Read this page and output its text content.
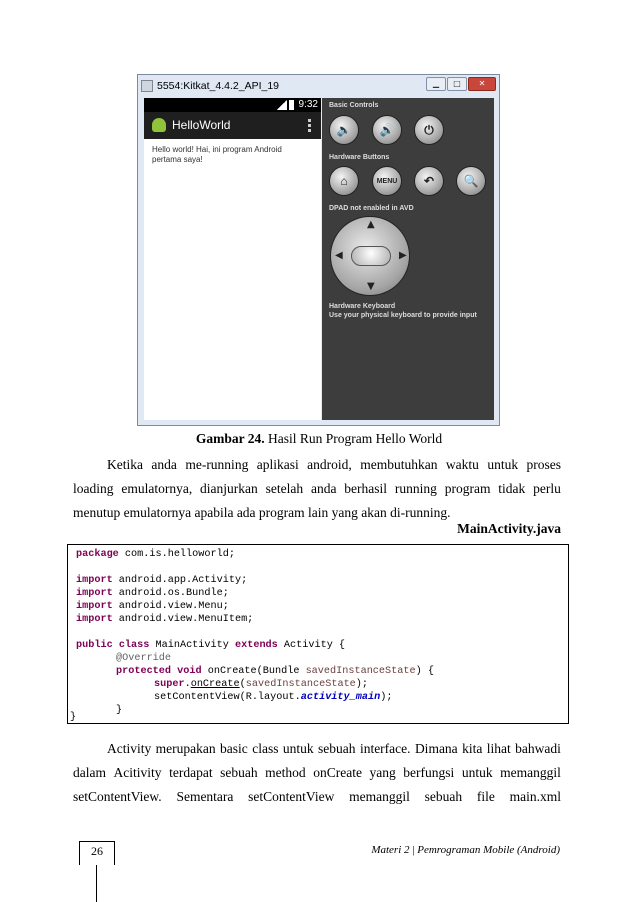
5554:Kitkat_4.4.2_API_19	▁	□	✕
9:32
HelloWorld
Hello world! Hai, ini program Android pertama saya!
Basic Controls
🔈	🔊	⏻
Hardware Buttons
⌂	MENU	↶	🔍
DPAD not enabled in AVD
▲
▼
◀	▶
Hardware Keyboard
Use your physical keyboard to provide input
Gambar 24. Hasil Run Program Hello World
Ketika anda me-running aplikasi android, membutuhkan waktu untuk proses
loading emulatornya, dianjurkan setelah anda berhasil running program tidak perlu
menutup emulatornya apabila ada program lain yang akan di-running.
MainActivity.java
package com.is.helloworld;
import android.app.Activity;
import android.os.Bundle;
import android.view.Menu;
import android.view.MenuItem;
public class MainActivity extends Activity {
@Override
protected void onCreate(Bundle savedInstanceState) {
super.onCreate(savedInstanceState);
setContentView(R.layout.activity_main);
}
}
Activity merupakan basic class untuk sebuah interface. Dimana kita lihat bahwadi
dalam Acitivity terdapat sebuah method onCreate yang berfungsi untuk memanggil
setContentView. Sementara setContentView memanggil sebuah file main.xml
26	Materi 2 | Pemrograman Mobile (Android)
